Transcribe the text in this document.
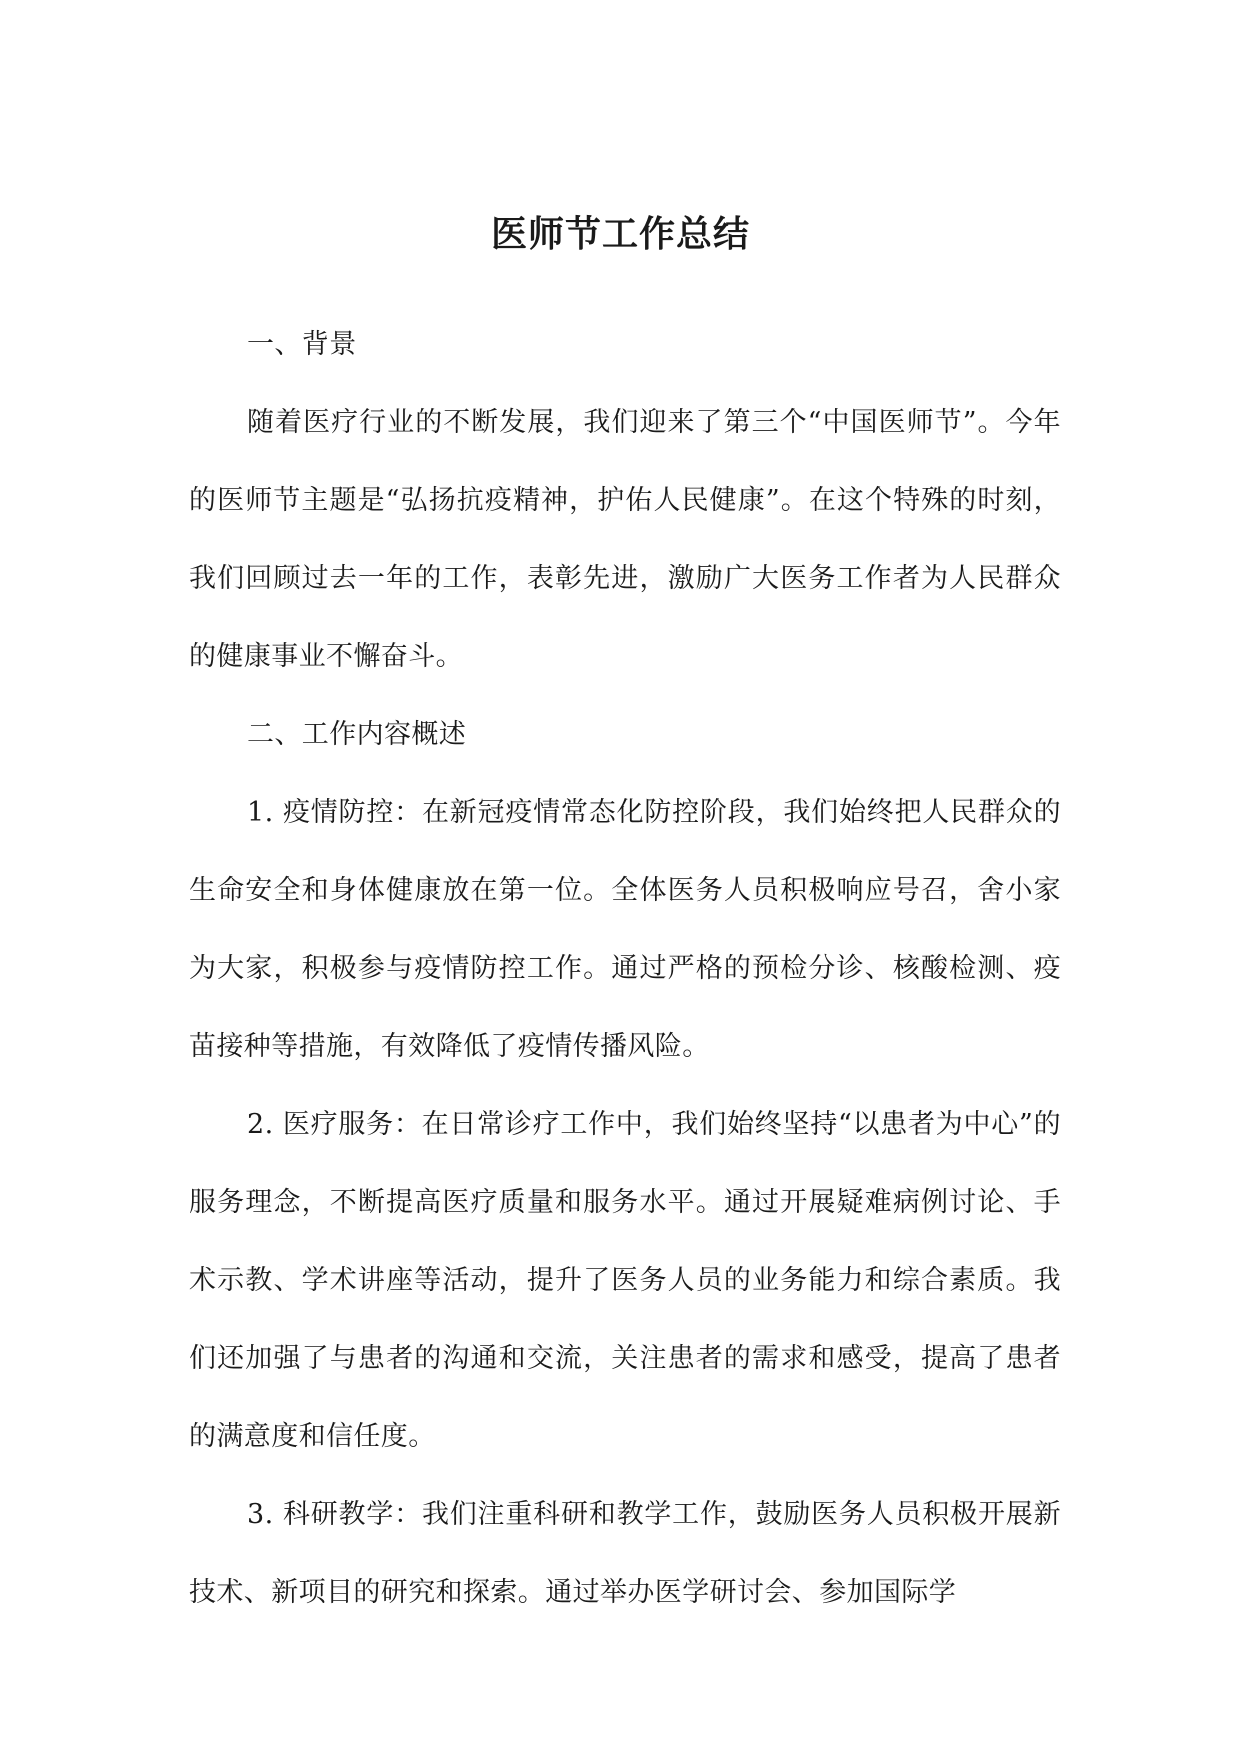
医师节工作总结

一、背景

随着医疗行业的不断发展，我们迎来了第三个“中国医师节”。今年的医师节主题是“弘扬抗疫精神，护佑人民健康”。在这个特殊的时刻，我们回顾过去一年的工作，表彰先进，激励广大医务工作者为人民群众的健康事业不懈奋斗。

二、工作内容概述

1. 疫情防控：在新冠疫情常态化防控阶段，我们始终把人民群众的生命安全和身体健康放在第一位。全体医务人员积极响应号召，舍小家为大家，积极参与疫情防控工作。通过严格的预检分诊、核酸检测、疫苗接种等措施，有效降低了疫情传播风险。

2. 医疗服务：在日常诊疗工作中，我们始终坚持“以患者为中心”的服务理念，不断提高医疗质量和服务水平。通过开展疑难病例讨论、手术示教、学术讲座等活动，提升了医务人员的业务能力和综合素质。我们还加强了与患者的沟通和交流，关注患者的需求和感受，提高了患者的满意度和信任度。

3. 科研教学：我们注重科研和教学工作，鼓励医务人员积极开展新技术、新项目的研究和探索。通过举办医学研讨会、参加国际学
